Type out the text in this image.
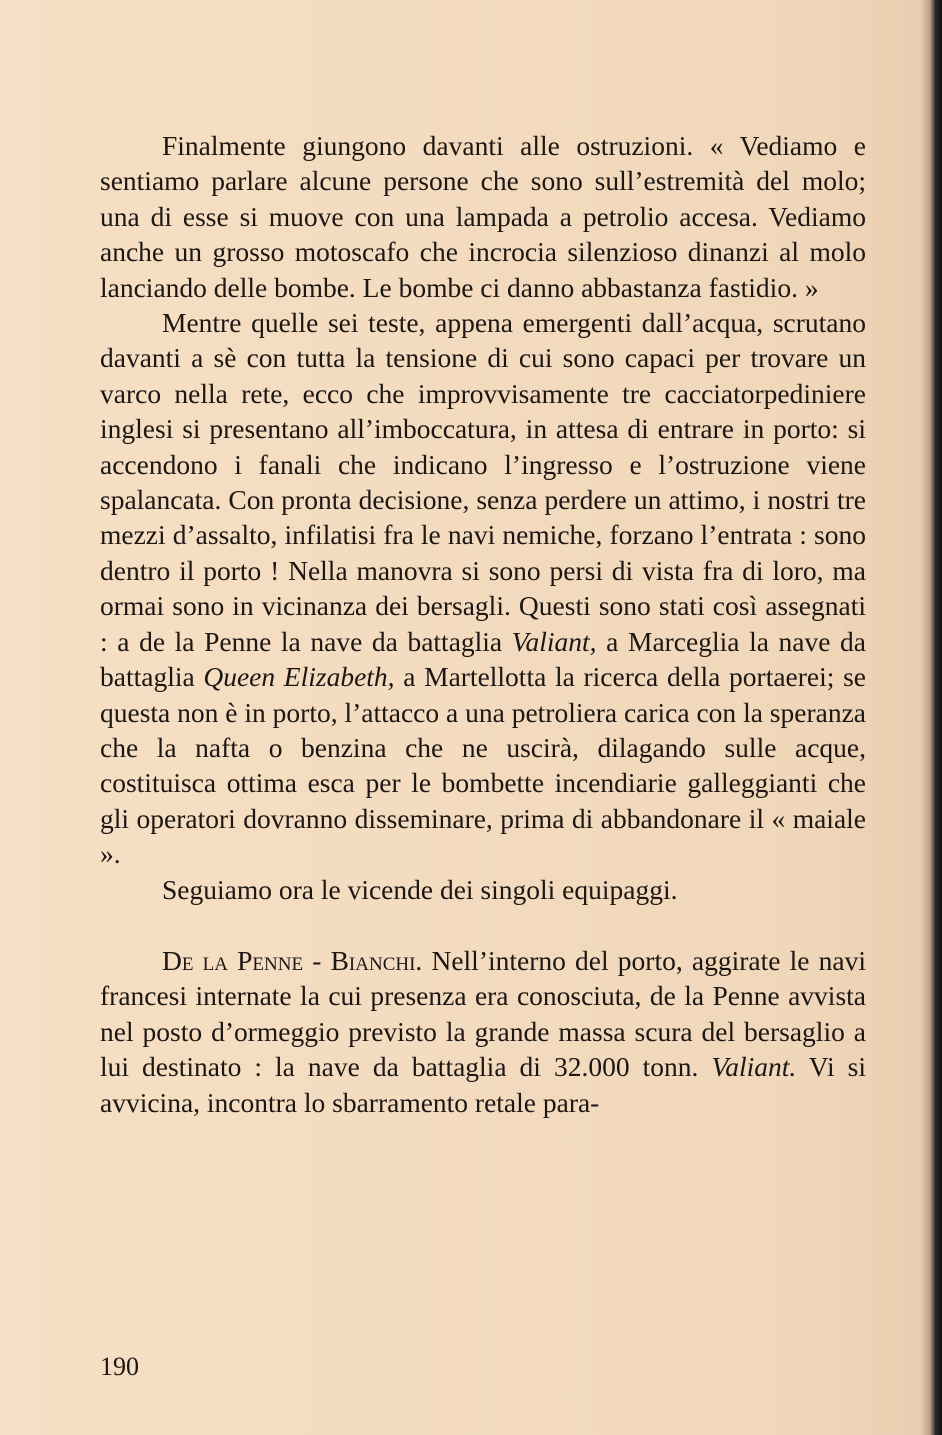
Finalmente giungono davanti alle ostruzioni. « Vediamo e sentiamo parlare alcune persone che sono sull’estremità del molo; una di esse si muove con una lampada a petrolio accesa. Vediamo anche un grosso motoscafo che incrocia silenzioso dinanzi al molo lanciando delle bombe. Le bombe ci danno abbastanza fastidio. »

Mentre quelle sei teste, appena emergenti dall’acqua, scrutano davanti a sè con tutta la tensione di cui sono capaci per trovare un varco nella rete, ecco che improvvisamente tre cacciatorpediniere inglesi si presentano all’imboccatura, in attesa di entrare in porto: si accendono i fanali che indicano l’ingresso e l’ostruzione viene spalancata. Con pronta decisione, senza perdere un attimo, i nostri tre mezzi d’assalto, infilatisi fra le navi nemiche, forzano l’entrata : sono dentro il porto ! Nella manovra si sono persi di vista fra di loro, ma ormai sono in vicinanza dei bersagli. Questi sono stati così assegnati : a de la Penne la nave da battaglia Valiant, a Marceglia la nave da battaglia Queen Elizabeth, a Martellotta la ricerca della portaerei; se questa non è in porto, l’attacco a una petroliera carica con la speranza che la nafta o benzina che ne uscirà, dilagando sulle acque, costituisca ottima esca per le bombette incendiarie galleggianti che gli operatori dovranno disseminare, prima di abbandonare il « maiale ».

Seguiamo ora le vicende dei singoli equipaggi.

De la Penne - Bianchi. Nell’interno del porto, aggirate le navi francesi internate la cui presenza era conosciuta, de la Penne avvista nel posto d’ormeggio previsto la grande massa scura del bersaglio a lui destinato : la nave da battaglia di 32.000 tonn. Valiant. Vi si avvicina, incontra lo sbarramento retale para-

190
